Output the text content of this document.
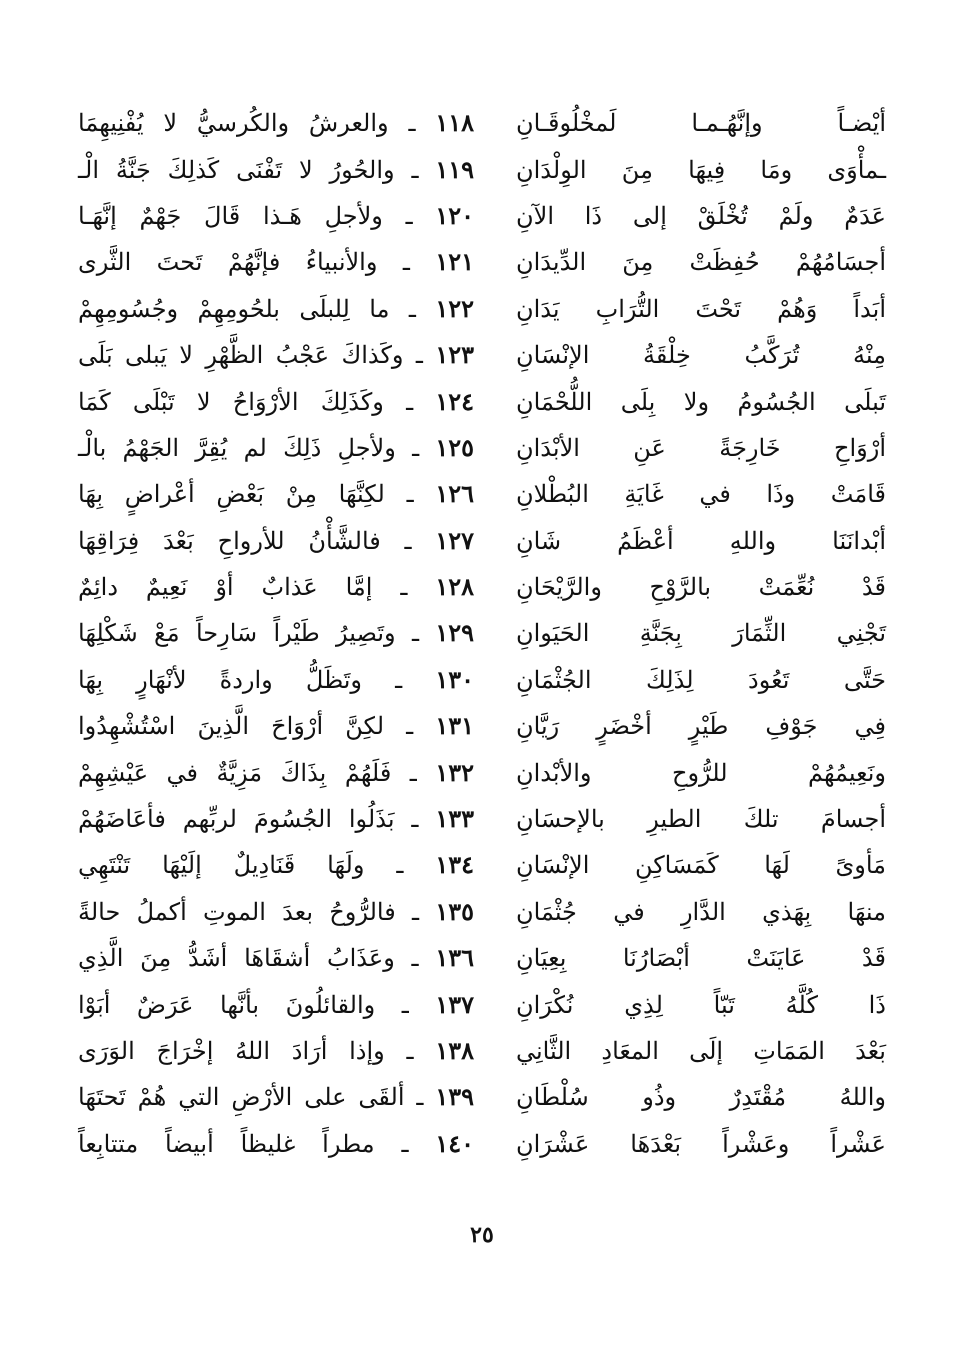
١١٨ ـ والعرشُ والكُرسيُّ لا يُفْنِيهِمَا	أيْضـاً وإنَّهُـمـا لَمخْلُوقَـانِ
١١٩ ـ والحُورُ لا تَفْنَى كَذلِكَ جَنَّةُ الْـ	ـمأْوَى ومَا فِيهَا مِنَ الوِلْدَانِ
١٢٠ ـ ولأجلِ هَـذا قَالَ جَهْمٌ إنَّهَـا	عَدَمٌ ولَمْ تُخْلَقْ إلى ذَا الآنِ
١٢١ ـ والأنبياءُ فإنَّهُمْ تَحتَ الثَّرى	أجسَامُهُمْ حُفِظَتْ مِنَ الدِّيدَانِ
١٢٢ ـ ما لِلبلَى بلحُومِهِمْ وجُسُومِهِمْ	أبَداً وَهُمْ تَحْتَ التُّرَابِ يَدَانِ
١٢٣ ـ وكَذاكَ عَجْبُ الظَّهْرِ لا يَبلى بَلَى	مِنْهُ تُرَكَّبُ خِلْقَةُ الإنْسَانِ
١٢٤ ـ وكَذَلِكَ الأرْوَاحُ لا تَبْلَى كَمَا	تَبلَى الجُسُومُ ولا بِلَى اللُّحْمَانِ
١٢٥ ـ ولأجلِ ذَلِكَ لم يُقِرَّ الجَهْمُ بالْـ	أرْوَاحِ خَارِجَةً عَنِ الأبْدَانِ
١٢٦ ـ لكِنَّهَا مِنْ بَعْضِ أعْراضٍ بِهَا	قَامَتْ وذَا في غَايَةِ البُطْلانِ
١٢٧ ـ فالشَّأْنُ للأرواحِ بَعْدَ فِرَاقِهَا	أبْدانَنَا واللهِ أعْظَمُ شَانِ
١٢٨ ـ إمَّا عَذابٌ أوْ نَعِيمٌ دائِمٌ	قَدْ نُعِّمَتْ بالرَّوْحِ والرَّيْحَانِ
١٢٩ ـ وتَصِيرُ طَيْراً سَارِحاً مَعْ شَكْلِهَا	تَجْنِي الثِّمَارَ بِجَنَّةِ الحَيَوانِ
١٣٠ ـ وتَظَلُّ واردةً لأنْهَارٍ بِهَا	حَتَّى تَعُودَ لِذَلِكَ الجُثْمَانِ
١٣١ ـ لكِنَّ أرْوَاحَ الَّذِينَ اسْتُشْهِدُوا	فِي جَوْفِ طَيْرٍ أخْضَرٍ رَيَّانِ
١٣٢ ـ فَلَهُمْ بِذَاكَ مَزِيَّةٌ في عَيْشِهِمْ	ونَعِيمُهُمْ للرُّوحِ والأبْدانِ
١٣٣ ـ بَذَلُوا الجُسُومَ لربِّهم فأعَاضَهُمْ	أجسامَ تلكَ الطيرِ بالإحسَانِ
١٣٤ ـ ولَهَا قَنَادِيلٌ إلَيْهَا تَنْتَهِي	مَأوىً لَهَا كَمَسَاكِنِ الإنْسَانِ
١٣٥ ـ فالرُّوحُ بعدَ الموتِ أكملُ حالةً	منهَا بِهَذي الدَّارِ في جُثْمَانِ
١٣٦ ـ وعَذَابُ أشقَاهَا أشَدُّ مِنَ الَّذِي	قَدْ عَايَنَتْ أبْصَارُنَا بِعِيَانِ
١٣٧ ـ والقائلُونَ بأنَّها عَرَضٌ أبَوْا	ذَا كُلَّهُ تَبّاً لِذِي نُكْرَانِ
١٣٨ ـ وإذا أرَادَ اللهُ إخْرَاجَ الوَرَى	بَعْدَ المَمَاتِ إلَى المعَادِ الثَّانِي
١٣٩ ـ ألقَى على الأرْضِ التي هُمْ تَحتَهَا	واللهُ مُقْتَدِرٌ وذُو سُلْطَانِ
١٤٠ ـ مطراً غليظاً أبيضاً متتابِعاً	عَشْراً وعَشْراً بَعْدَهَا عَشْرَانِ
٢٥
